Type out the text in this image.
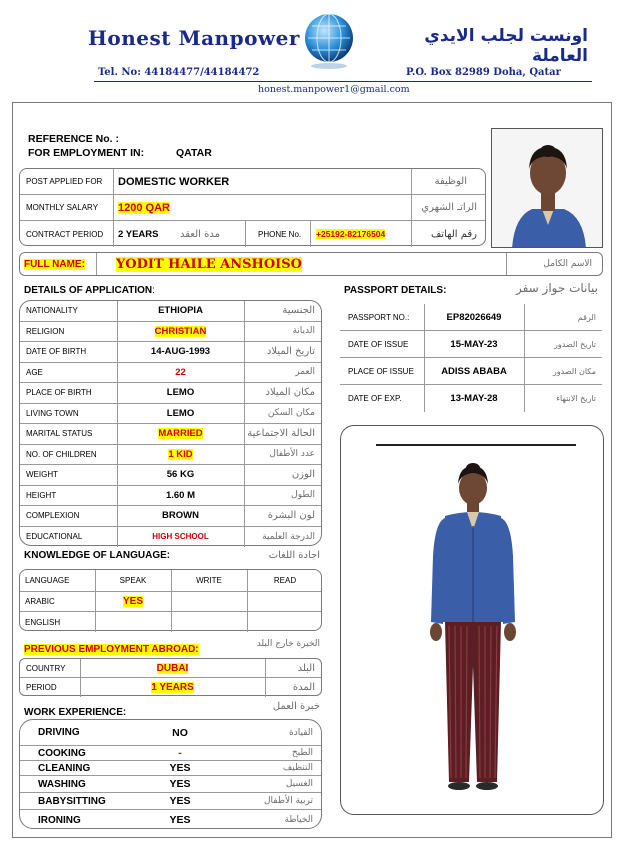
Honest Manpower	اونست لجلب الايدي العاملة
Tel. No: 44184477/44184472	P.O. Box 82989 Doha, Qatar
honest.manpower1@gmail.com
REFERENCE No. :
FOR EMPLOYMENT IN:	QATAR
POST APPLIED FOR DOMESTIC WORKER	الوظيفة
MONTHLY SALARY 1200 QAR	الراتـ الشهري
CONTRACT PERIOD 2 YEARS مدة العقد	PHONE No. +25192-82176504	رقم الهاتف
FULL NAME: YODIT HAILE ANSHOISO	الاسم الكامل
DETAILS OF APPLICATION:
NATIONALITY	ETHIOPIA	الجنسية
RELIGION	CHRISTIAN	الديانة
DATE OF BIRTH	14-AUG-1993	تاريخ الميلاد
AGE	22	العمر
PLACE OF BIRTH	LEMO	مكان الميلاد
LIVING TOWN	LEMO	مكان السكن
MARITAL STATUS	MARRIED	الحالة الاجتماعية
NO. OF CHILDREN	1 KID	عدد الأطفال
WEIGHT	56 KG	الوزن
HEIGHT	1.60 M	الطول
COMPLEXION	BROWN	لون البشرة
EDUCATIONAL	HIGH SCHOOL	الدرجة العلمية
PASSPORT DETAILS:	بيانات جواز سفر
PASSPORT NO.:	EP82026649	الرقم
DATE OF ISSUE	15-MAY-23	تاريخ الصدور
PLACE OF ISSUE	ADISS ABABA	مكان الصدور
DATE OF EXP.	13-MAY-28	تاريخ الانتهاء
KNOWLEDGE OF LANGUAGE:	اجادة اللغات
LANGUAGE	SPEAK	WRITE	READ
ARABIC	YES
ENGLISH
PREVIOUS EMPLOYMENT ABROAD:	الخبرة خارج البلد
COUNTRY	DUBAI	البلد
PERIOD	1 YEARS	المدة
WORK EXPERIENCE:
خبرة العمل
DRIVING	NO	القيادة
COOKING	-	الطبخ
CLEANING	YES	التنظيف
WASHING	YES	الغسيل
BABYSITTING	YES	تربية الأطفال
IRONING	YES	الخياطة
